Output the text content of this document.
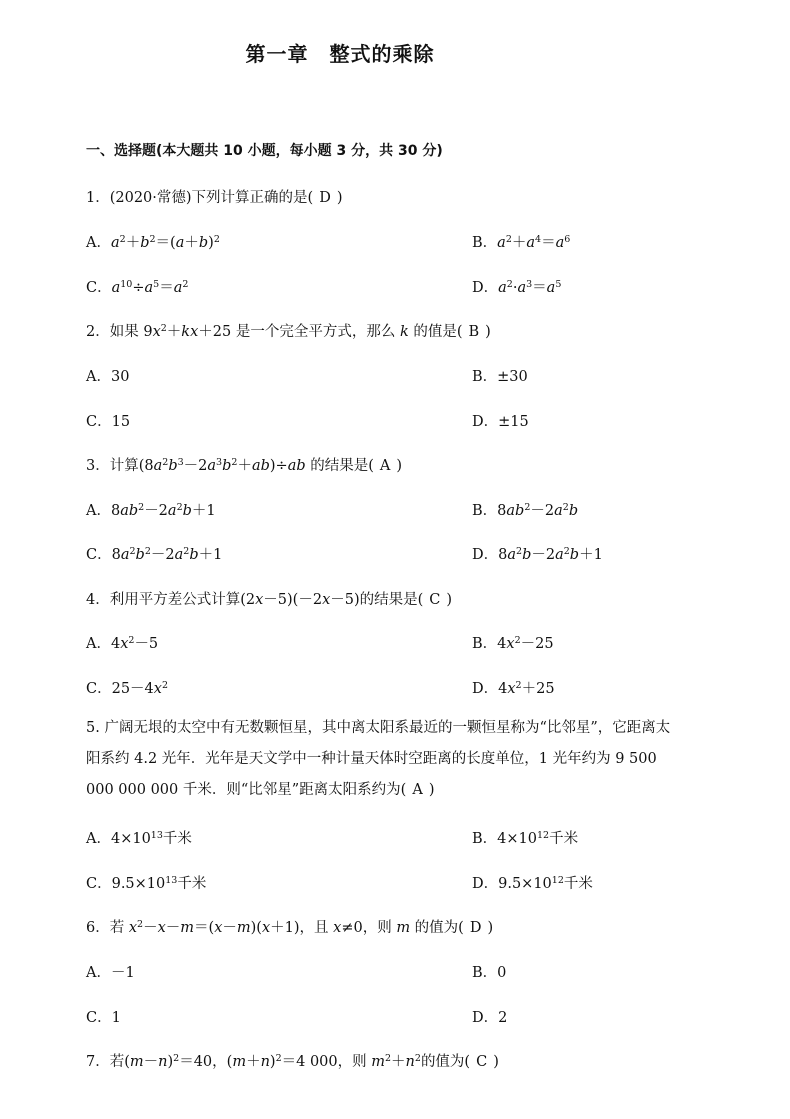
第一章　整式的乘除
一、选择题(本大题共 10 小题，每小题 3 分，共 30 分)
1．(2020·常德)下列计算正确的是( D )
A．$a^2+b^2=(a+b)^2$	B．$a^2+a^4=a^6$
C．$a^{10}\div a^5=a^2$	D．$a^2\cdot a^3=a^5$
2．如果 $9x^2+kx+25$ 是一个完全平方式，那么 k 的值是( B )
A．30	B．±30
C．15	D．±15
3．计算$(8a^2b^3-2a^3b^2+ab)\div ab$ 的结果是( A )
A．$8ab^2-2a^2b+1$	B．$8ab^2-2a^2b$
C．$8a^2b^2-2a^2b+1$	D．$8a^2b-2a^2b+1$
4．利用平方差公式计算(2x－5)(－2x－5)的结果是( C )
A．$4x^2-5$	B．$4x^2-25$
C．$25-4x^2$	D．$4x^2+25$
5. 广阔无垠的太空中有无数颗恒星，其中离太阳系最近的一颗恒星称为“比邻星”，它距离太
阳系约 4.2 光年．光年是天文学中一种计量天体时空距离的长度单位，1 光年约为 9 500
000 000 000 千米．则“比邻星”距离太阳系约为( A )
A．$4\times 10^{13}$千米	B．$4\times 10^{12}$千米
C．$9.5\times 10^{13}$千米	D．$9.5\times 10^{12}$千米
6．若 $x^2-x-m=(x-m)(x+1)$，且 x≠0，则 m 的值为( D )
A．－1	B．0
C．1	D．2
7．若$(m-n)^2=40$，$(m+n)^2=4$ 000，则 $m^2+n^2$的值为( C )
